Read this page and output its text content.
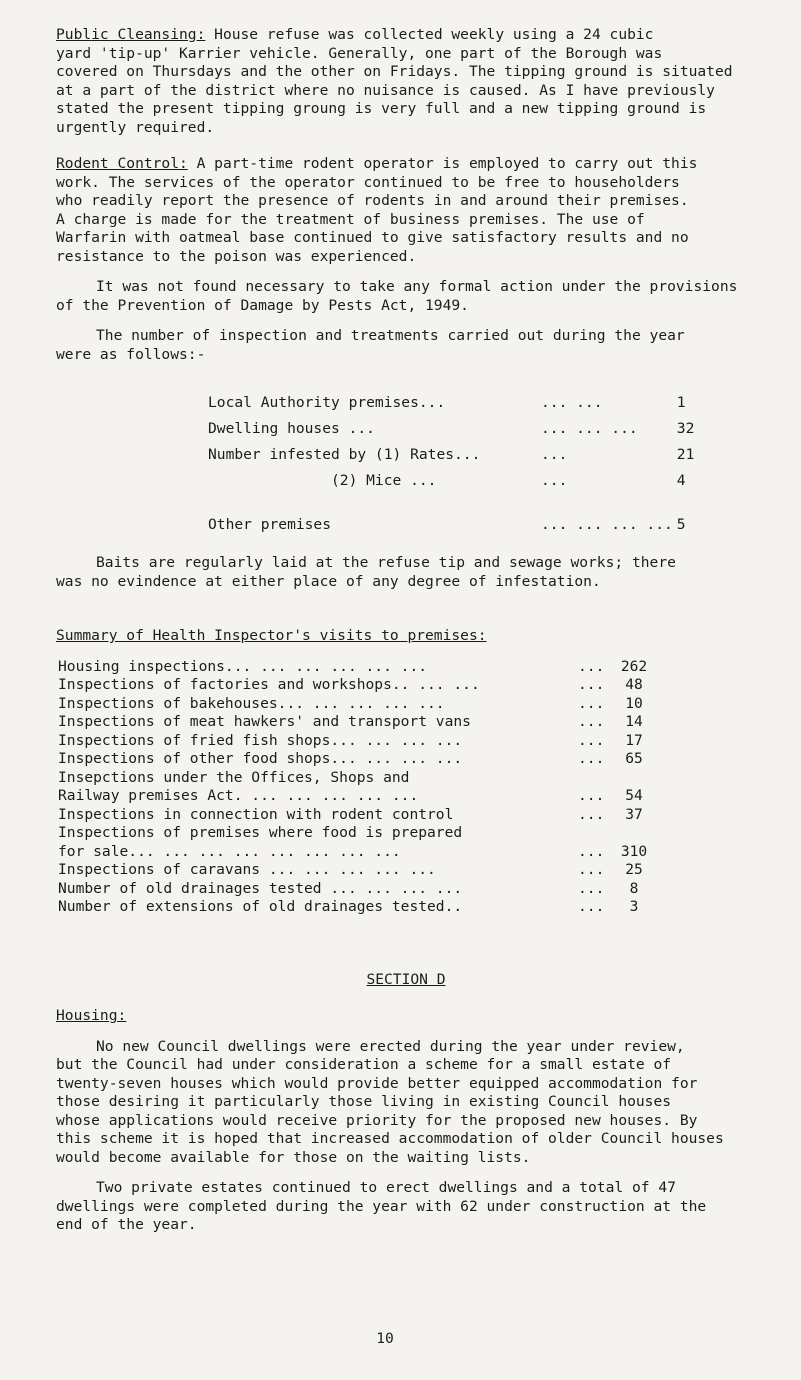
Public Cleansing: House refuse was collected weekly using a 24 cubic
yard 'tip-up' Karrier vehicle. Generally, one part of the Borough was
covered on Thursdays and the other on Fridays. The tipping ground is situated
at a part of the district where no nuisance is caused. As I have previously
stated the present tipping groung is very full and a new tipping ground is
urgently required.
Rodent Control: A part-time rodent operator is employed to carry out this
work. The services of the operator continued to be free to householders
who readily report the presence of rodents in and around their premises.
A charge is made for the treatment of business premises. The use of
Warfarin with oatmeal base continued to give satisfactory results and no
resistance to the poison was experienced.
It was not found necessary to take any formal action under the provisions
of the Prevention of Damage by Pests Act, 1949.
The number of inspection and treatments carried out during the year
were as follows:-
Local Authority premises...	... ...	1
Dwelling houses ...	... ... ...	32
Number infested by (1) Rates...	...	21
(2) Mice ...	...	4

Other premises	... ... ... ...	5
Baits are regularly laid at the refuse tip and sewage works; there
was no evindence at either place of any degree of infestation.
Summary of Health Inspector's visits to premises:
Housing inspections... ... ... ... ... ...	...	262
Inspections of factories and workshops.. ... ...	...	48
Inspections of bakehouses... ... ... ... ...	...	10
Inspections of meat hawkers' and transport vans	...	14
Inspections of fried fish shops... ... ... ...	...	17
Inspections of other food shops... ... ... ...	...	65
Insepctions under the Offices, Shops and
Railway premises Act. ... ... ... ... ...	...	54
Inspections in connection with rodent control	...	37
Inspections of premises where food is prepared
for sale... ... ... ... ... ... ... ...	...	310
Inspections of caravans ... ... ... ... ...	...	25
Number of old drainages tested ... ... ... ...	...	8
Number of extensions of old drainages tested..	...	3
SECTION D
Housing:
No new Council dwellings were erected during the year under review,
but the Council had under consideration a scheme for a small estate of
twenty-seven houses which would provide better equipped accommodation for
those desiring it particularly those living in existing Council houses
whose applications would receive priority for the proposed new houses. By
this scheme it is hoped that increased accommodation of older Council houses
would become available for those on the waiting lists.
Two private estates continued to erect dwellings and a total of 47
dwellings were completed during the year with 62 under construction at the
end of the year.
10
